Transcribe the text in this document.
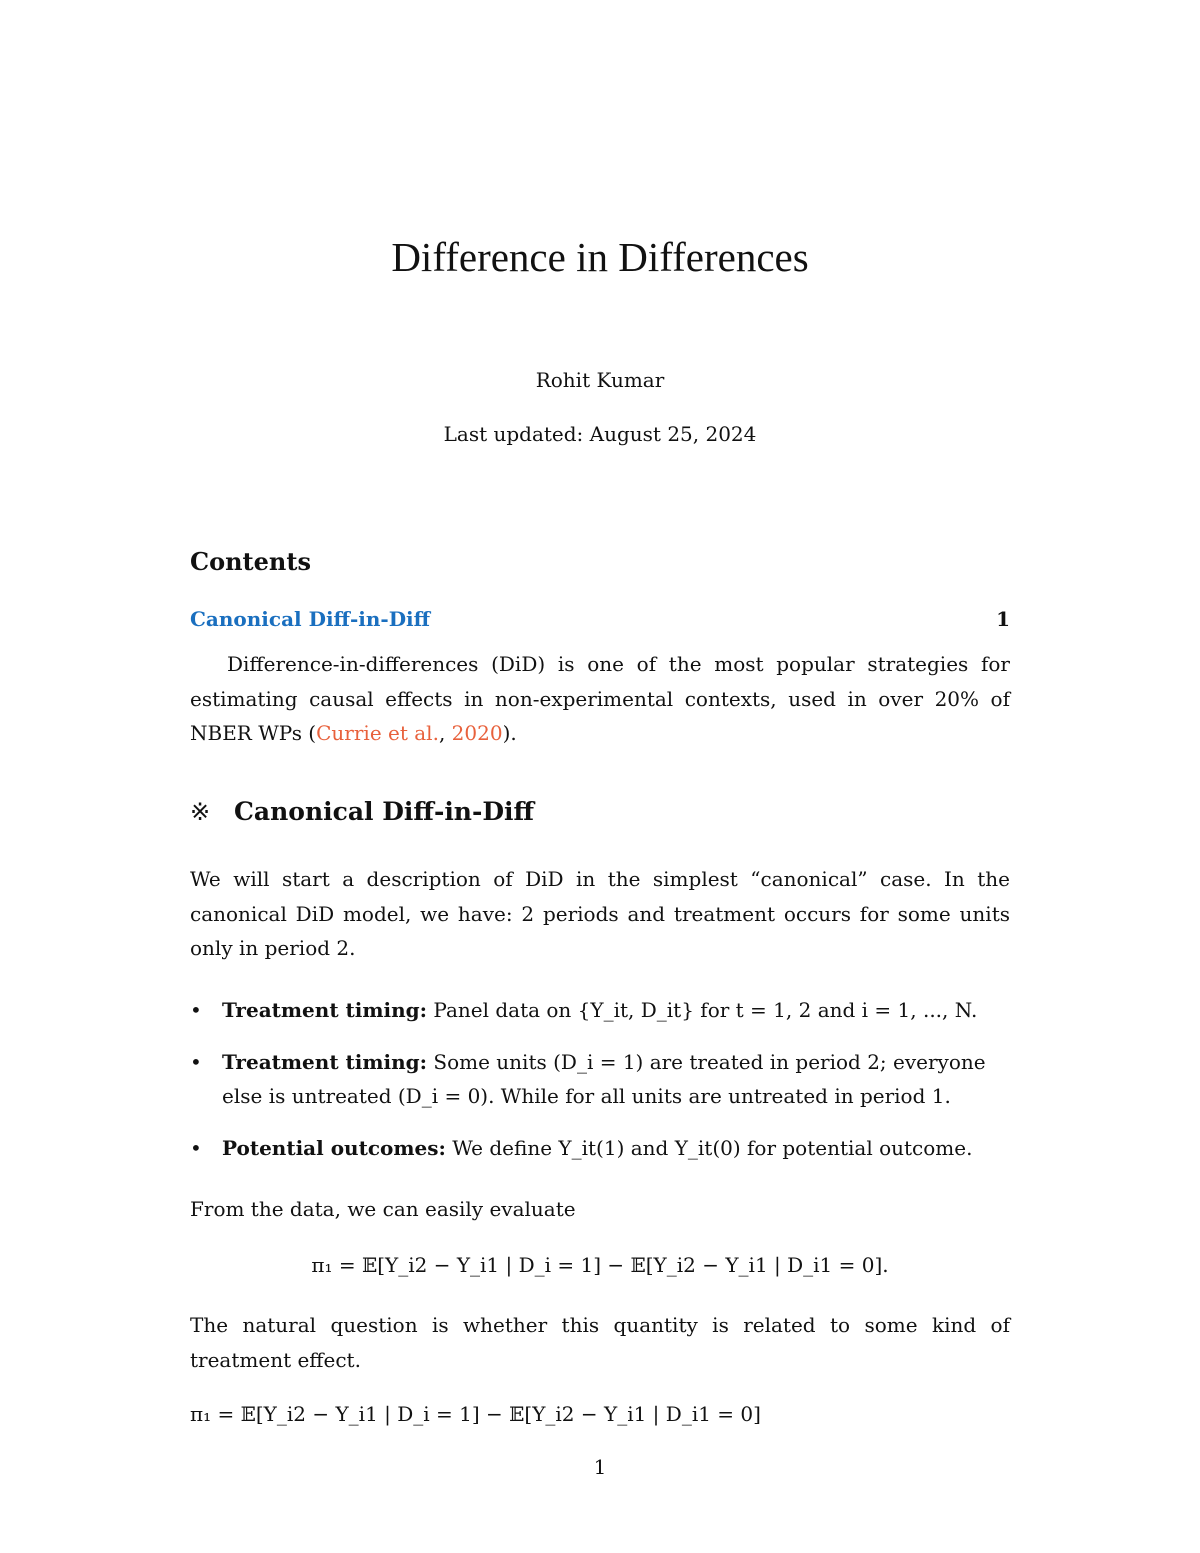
Difference in Differences
Rohit Kumar
Last updated: August 25, 2024
Contents
Canonical Diff-in-Diff	1

Difference-in-differences (DiD) is one of the most popular strategies for estimating causal effects in non-experimental contexts, used in over 20% of NBER WPs (Currie et al., 2020).

※ Canonical Diff-in-Diff

We will start a description of DiD in the simplest “canonical” case. In the canonical DiD model, we have: 2 periods and treatment occurs for some units only in period 2.

• Treatment timing: Panel data on {Y_it, D_it} for t = 1, 2 and i = 1, ..., N.
• Treatment timing: Some units (D_i = 1) are treated in period 2; everyone else is untreated (D_i = 0). While for all units are untreated in period 1.
• Potential outcomes: We define Y_it(1) and Y_it(0) for potential outcome.

From the data, we can easily evaluate

π₁ = 𝔼[Y_i2 − Y_i1 | D_i = 1] − 𝔼[Y_i2 − Y_i1 | D_i1 = 0].

The natural question is whether this quantity is related to some kind of treatment effect.

π₁ = 𝔼[Y_i2 − Y_i1 | D_i = 1] − 𝔼[Y_i2 − Y_i1 | D_i1 = 0]
1
